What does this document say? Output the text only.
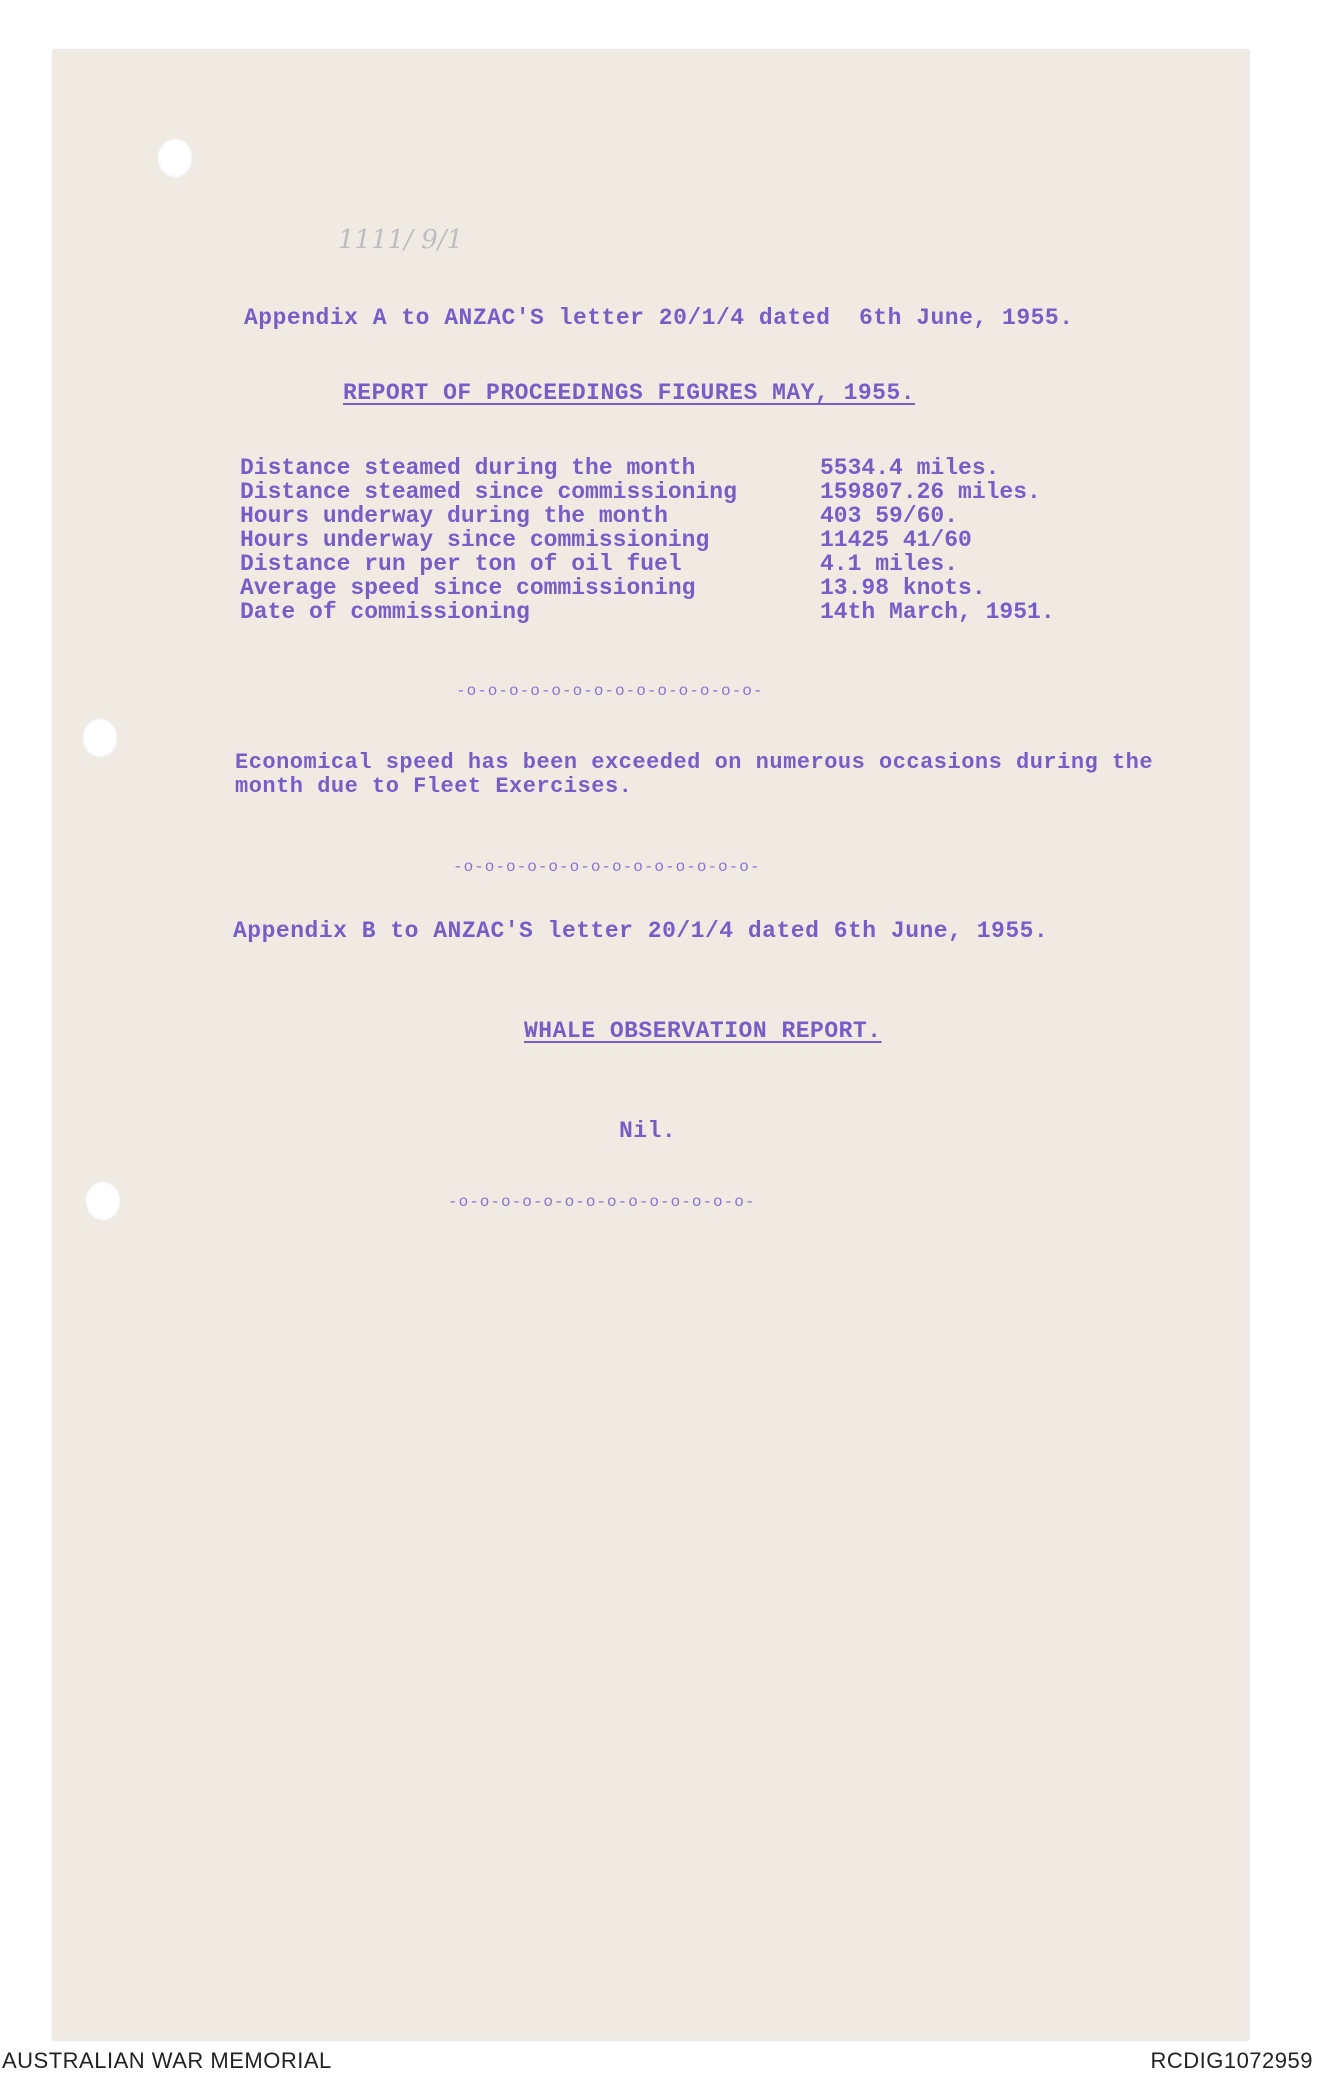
1111/ 9/1
Appendix A to ANZAC'S letter 20/1/4 dated  6th June, 1955.
REPORT OF PROCEEDINGS FIGURES MAY, 1955.
Distance steamed during the month	5534.4 miles.
Distance steamed since commissioning	159807.26 miles.
Hours underway during the month	403 59/60.
Hours underway since commissioning	11425 41/60
Distance run per ton of oil fuel	4.1 miles.
Average speed since commissioning	13.98 knots.
Date of commissioning	14th March, 1951.
-o-o-o-o-o-o-o-o-o-o-o-o-o-o-
Economical speed has been exceeded on numerous occasions during the
month due to Fleet Exercises.
-o-o-o-o-o-o-o-o-o-o-o-o-o-o-
Appendix B to ANZAC'S letter 20/1/4 dated 6th June, 1955.
WHALE OBSERVATION REPORT.
Nil.
-o-o-o-o-o-o-o-o-o-o-o-o-o-o-
AUSTRALIAN WAR MEMORIAL	RCDIG1072959
